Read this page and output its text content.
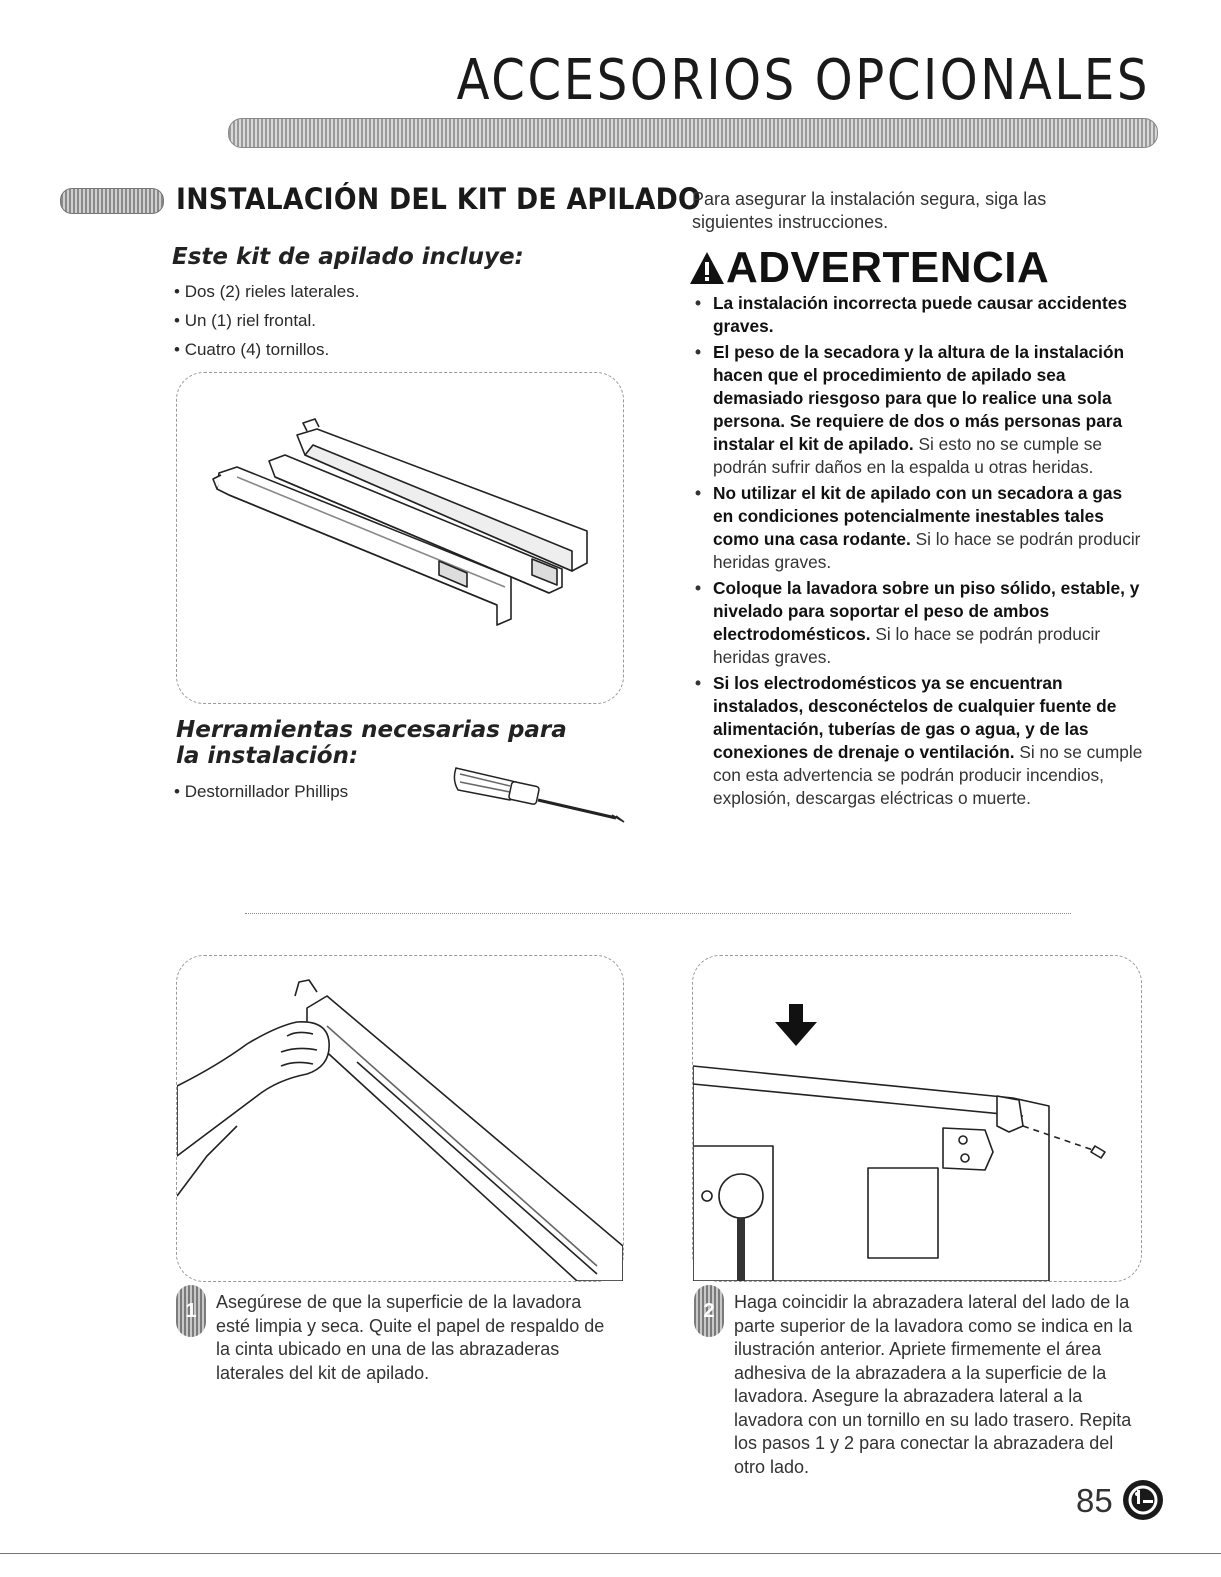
ACCESORIOS OPCIONALES
INSTALACIÓN DEL KIT DE APILADO
Este kit de apilado incluye:
• Dos (2) rieles laterales.
• Un (1) riel frontal.
• Cuatro (4) tornillos.
Herramientas necesarias para
la instalación:
• Destornillador Phillips
Para asegurar la instalación segura, siga las siguientes instrucciones.
ADVERTENCIA
• La instalación incorrecta puede causar accidentes graves.
• El peso de la secadora y la altura de la instalación hacen que el procedimiento de apilado sea demasiado riesgoso para que lo realice una sola persona. Se requiere de dos o más personas para instalar el kit de apilado. Si esto no se cumple se podrán sufrir daños en la espalda u otras heridas.
• No utilizar el kit de apilado con un secadora a gas en condiciones potencialmente inestables tales como una casa rodante. Si lo hace se podrán producir heridas graves.
• Coloque la lavadora sobre un piso sólido, estable, y nivelado para soportar el peso de ambos electrodomésticos. Si lo hace se podrán producir heridas graves.
• Si los electrodomésticos ya se encuentran instalados, desconéctelos de cualquier fuente de alimentación, tuberías de gas o agua, y de las conexiones de drenaje o ventilación. Si no se cumple con esta advertencia se podrán producir incendios, explosión, descargas eléctricas o muerte.
1	Asegúrese de que la superficie de la lavadora esté limpia y seca. Quite el papel de respaldo de la cinta ubicado en una de las abrazaderas laterales del kit de apilado.
2	Haga coincidir la abrazadera lateral del lado de la parte superior de la lavadora como se indica en la ilustración anterior. Apriete firmemente el área adhesiva de la abrazadera a la superficie de la lavadora. Asegure la abrazadera lateral a la lavadora con un tornillo en su lado trasero. Repita los pasos 1 y 2 para conectar la abrazadera del otro lado.
85
